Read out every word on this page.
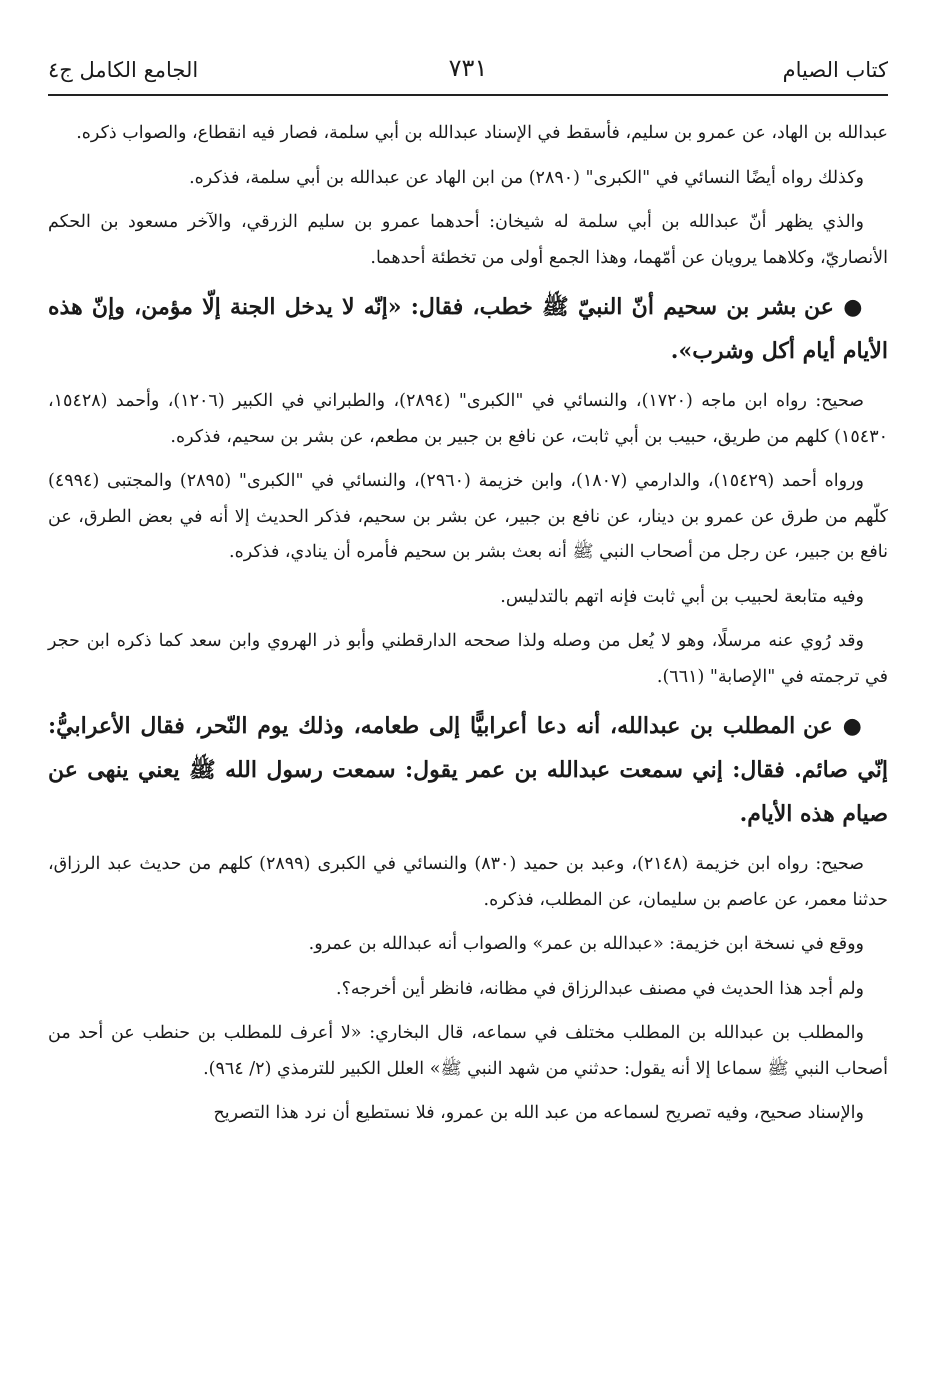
كتاب الصيام
٧٣١
الجامع الكامل ج٤

عبدالله بن الهاد، عن عمرو بن سليم، فأسقط في الإسناد عبدالله بن أبي سلمة، فصار فيه انقطاع، والصواب ذكره.

وكذلك رواه أيضًا النسائي في "الكبرى" (٢٨٩٠) من ابن الهاد عن عبدالله بن أبي سلمة، فذكره.

والذي يظهر أنّ عبدالله بن أبي سلمة له شيخان: أحدهما عمرو بن سليم الزرقي، والآخر مسعود بن الحكم الأنصاريّ، وكلاهما يرويان عن أمّهما، وهذا الجمع أولى من تخطئة أحدهما.

● عن بشر بن سحيم أنّ النبيّ ﷺ خطب، فقال: «إنّه لا يدخل الجنة إلّا مؤمن، وإنّ هذه الأيام أيام أكل وشرب».

صحيح: رواه ابن ماجه (١٧٢٠)، والنسائي في "الكبرى" (٢٨٩٤)، والطبراني في الكبير (١٢٠٦)، وأحمد (١٥٤٢٨، ١٥٤٣٠) كلهم من طريق، حبيب بن أبي ثابت، عن نافع بن جبير بن مطعم، عن بشر بن سحيم، فذكره.

ورواه أحمد (١٥٤٢٩)، والدارمي (١٨٠٧)، وابن خزيمة (٢٩٦٠)، والنسائي في "الكبرى" (٢٨٩٥) والمجتبى (٤٩٩٤) كلّهم من طرق عن عمرو بن دينار، عن نافع بن جبير، عن بشر بن سحيم، فذكر الحديث إلا أنه في بعض الطرق، عن نافع بن جبير، عن رجل من أصحاب النبي ﷺ أنه بعث بشر بن سحيم فأمره أن ينادي، فذكره.

وفيه متابعة لحبيب بن أبي ثابت فإنه اتهم بالتدليس.

وقد رُوي عنه مرسلًا، وهو لا يُعل من وصله ولذا صححه الدارقطني وأبو ذر الهروي وابن سعد كما ذكره ابن حجر في ترجمته في "الإصابة" (٦٦١).

● عن المطلب بن عبدالله، أنه دعا أعرابيًّا إلى طعامه، وذلك يوم النّحر، فقال الأعرابيُّ: إنّي صائم. فقال: إني سمعت عبدالله بن عمر يقول: سمعت رسول الله ﷺ يعني ينهى عن صيام هذه الأيام.

صحيح: رواه ابن خزيمة (٢١٤٨)، وعبد بن حميد (٨٣٠) والنسائي في الكبرى (٢٨٩٩) كلهم من حديث عبد الرزاق، حدثنا معمر، عن عاصم بن سليمان، عن المطلب، فذكره.

ووقع في نسخة ابن خزيمة: «عبدالله بن عمر» والصواب أنه عبدالله بن عمرو.

ولم أجد هذا الحديث في مصنف عبدالرزاق في مظانه، فانظر أين أخرجه؟.

والمطلب بن عبدالله بن المطلب مختلف في سماعه، قال البخاري: «لا أعرف للمطلب بن حنطب عن أحد من أصحاب النبي ﷺ سماعا إلا أنه يقول: حدثني من شهد النبي ﷺ» العلل الكبير للترمذي (٢/ ٩٦٤).

والإسناد صحيح، وفيه تصريح لسماعه من عبد الله بن عمرو، فلا نستطيع أن نرد هذا التصريح
